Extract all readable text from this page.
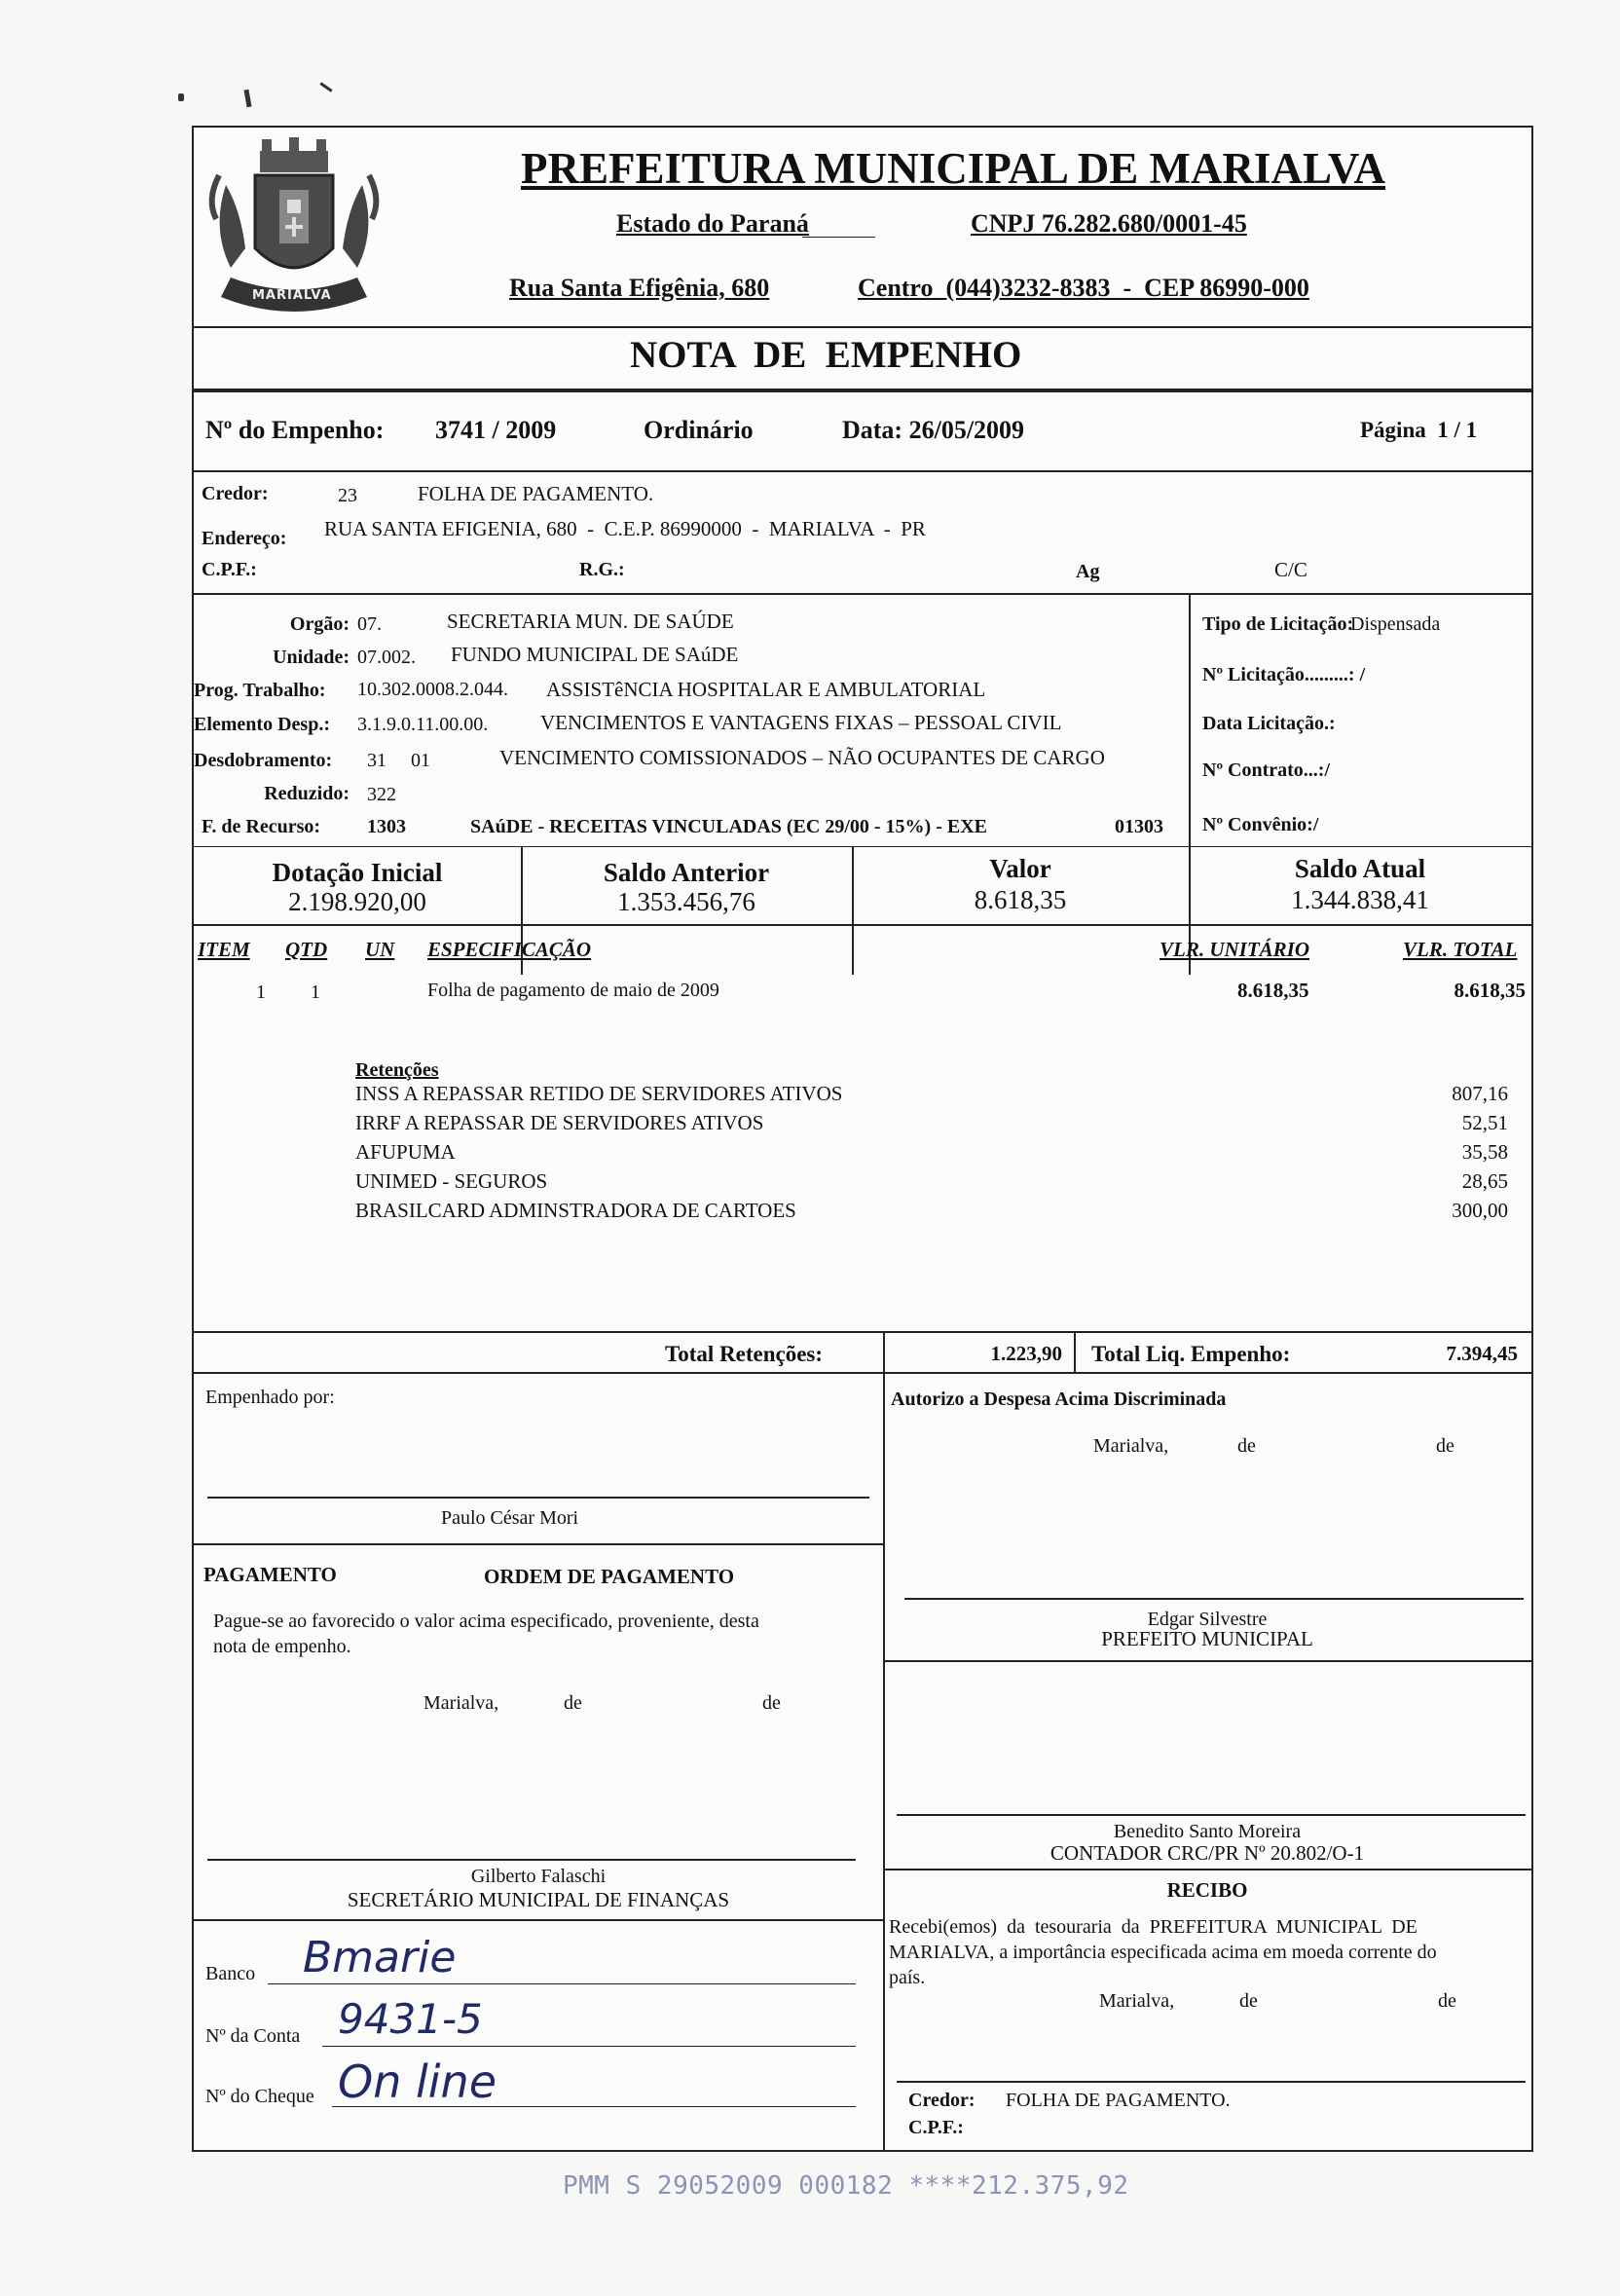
MARIALVA
PREFEITURA MUNICIPAL DE MARIALVA
Estado do Paraná	CNPJ 76.282.680/0001-45
Rua Santa Efigênia, 680	Centro  (044)3232-8383  -  CEP 86990-000
NOTA  DE  EMPENHO
Nº do Empenho: 3741 / 2009	Ordinário	Data: 26/05/2009	Página  1 / 1
Credor:	23	FOLHA DE PAGAMENTO.
Endereço: RUA SANTA EFIGENIA, 680  -  C.E.P. 86990000  -  MARIALVA  -  PR
C.P.F.:	R.G.:	Ag	C/C
Orgão: 07.	SECRETARIA MUN. DE SAÚDE
Unidade: 07.002. FUNDO MUNICIPAL DE SAúDE
Prog. Trabalho: 10.302.0008.2.044. ASSISTêNCIA HOSPITALAR E AMBULATORIAL
Elemento Desp.: 3.1.9.0.11.00.00.	VENCIMENTOS E VANTAGENS FIXAS – PESSOAL CIVIL
Desdobramento: 31     01	VENCIMENTO COMISSIONADOS – NÃO OCUPANTES DE CARGO
Reduzido: 322
F. de Recurso: 1303	SAúDE - RECEITAS VINCULADAS (EC 29/00 - 15%) - EXE	01303
Tipo de Licitação:
Dispensada
Nº Licitação.........: /
Data Licitação.:
Nº Contrato...:/
Nº Convênio:/
Dotação Inicial
2.198.920,00
Saldo Anterior
1.353.456,76
Valor
8.618,35
Saldo Atual
1.344.838,41
ITEM QTD UN ESPECIFICAÇÃO	VLR. UNITÁRIO	VLR. TOTAL
1 1	Folha de pagamento de maio de 2009	8.618,35	8.618,35
Retenções
INSS A REPASSAR RETIDO DE SERVIDORES ATIVOS	807,16
IRRF A REPASSAR DE SERVIDORES ATIVOS	52,51
AFUPUMA	35,58
UNIMED - SEGUROS	28,65
BRASILCARD ADMINSTRADORA DE CARTOES	300,00
Total Retenções:	1.223,90 Total Liq. Empenho:	7.394,45
Empenhado por:
Paulo César Mori
PAGAMENTO	ORDEM DE PAGAMENTO
Pague-se ao favorecido o valor acima especificado, proveniente, desta
nota de empenho.
Marialva,	de	de
Gilberto Falaschi
SECRETÁRIO MUNICIPAL DE FINANÇAS
Banco Bmarie
Nº da Conta 9431-5
Nº do Cheque On line
Autorizo a Despesa Acima Discriminada
Marialva,	de	de
Edgar Silvestre
PREFEITO MUNICIPAL
Benedito Santo Moreira
CONTADOR CRC/PR Nº 20.802/O-1
RECIBO
Recebi(emos)  da  tesouraria  da  PREFEITURA  MUNICIPAL  DE
MARIALVA, a importância especificada acima em moeda corrente do
país.
Marialva,	de	de
Credor: FOLHA DE PAGAMENTO.
C.P.F.:
PMM S 29052009 000182 ****212.375,92
